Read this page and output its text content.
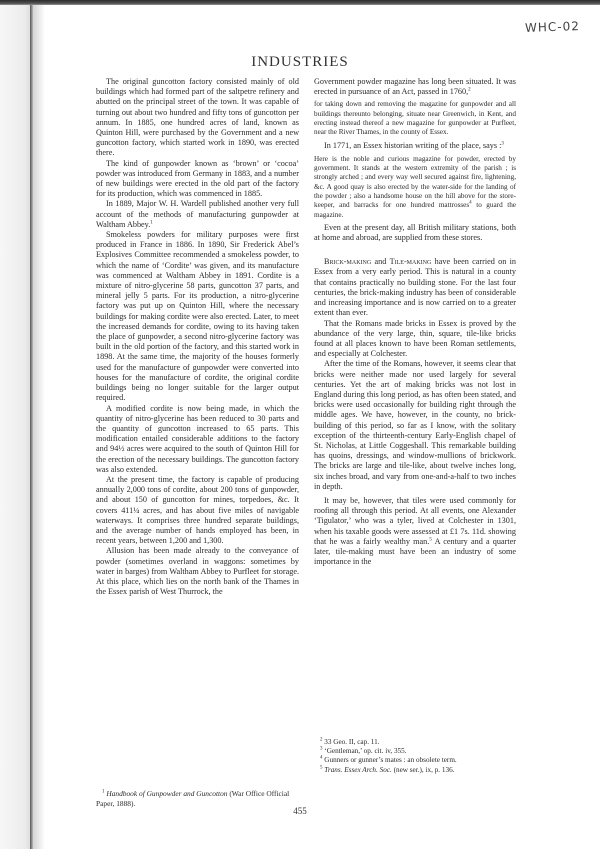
WHC-02
INDUSTRIES

The original guncotton factory consisted mainly of old buildings which had formed part of the saltpetre refinery and abutted on the principal street of the town. It was capable of turning out about two hundred and fifty tons of guncotton per annum. In 1885, one hundred acres of land, known as Quinton Hill, were purchased by the Government and a new guncotton factory, which started work in 1890, was erected there.

The kind of gunpowder known as ‘brown’ or ‘cocoa’ powder was introduced from Germany in 1883, and a number of new buildings were erected in the old part of the factory for its production, which was commenced in 1885.

In 1889, Major W. H. Wardell published another very full account of the methods of manufacturing gunpowder at Waltham Abbey.$^1$

Smokeless powders for military purposes were first produced in France in 1886. In 1890, Sir Frederick Abel’s Explosives Committee recommended a smokeless powder, to which the name of ‘Cordite’ was given, and its manufacture was commenced at Waltham Abbey in 1891. Cordite is a mixture of nitro-glycerine 58 parts, guncotton 37 parts, and mineral jelly 5 parts. For its production, a nitro-glycerine factory was put up on Quinton Hill, where the necessary buildings for making cordite were also erected. Later, to meet the increased demands for cordite, owing to its having taken the place of gunpowder, a second nitro-glycerine factory was built in the old portion of the factory, and this started work in 1898. At the same time, the majority of the houses formerly used for the manufacture of gunpowder were converted into houses for the manufacture of cordite, the original cordite buildings being no longer suitable for the larger output required.

A modified cordite is now being made, in which the quantity of nitro-glycerine has been reduced to 30 parts and the quantity of guncotton increased to 65 parts. This modification entailed considerable additions to the factory and 94½ acres were acquired to the south of Quinton Hill for the erection of the necessary buildings. The guncotton factory was also extended.

At the present time, the factory is capable of producing annually 2,000 tons of cordite, about 200 tons of gunpowder, and about 150 of guncotton for mines, torpedoes, &c. It covers 411¼ acres, and has about five miles of navigable waterways. It comprises three hundred separate buildings, and the average number of hands employed has been, in recent years, between 1,200 and 1,300.

Allusion has been made already to the conveyance of powder (sometimes overland in waggons: sometimes by water in barges) from Waltham Abbey to Purfleet for storage. At this place, which lies on the north bank of the Thames in the Essex parish of West Thurrock, the

Government powder magazine has long been situated. It was erected in pursuance of an Act, passed in 1760,$^2$

for taking down and removing the magazine for gunpowder and all buildings thereunto belonging, situate near Greenwich, in Kent, and erecting instead thereof a new magazine for gunpowder at Purfleet, near the River Thames, in the county of Essex.

In 1771, an Essex historian writing of the place, says :$^3$

Here is the noble and curious magazine for powder, erected by government. It stands at the western extremity of the parish ; is strongly arched ; and every way well secured against fire, lightening, &c. A good quay is also erected by the water-side for the landing of the powder ; also a handsome house on the hill above for the store-keeper, and barracks for one hundred mattrosses$^4$ to guard the magazine.

Even at the present day, all British military stations, both at home and abroad, are supplied from these stores.

Brick-making and Tile-making have been carried on in Essex from a very early period. This is natural in a county that contains practically no building stone. For the last four centuries, the brick-making industry has been of considerable and increasing importance and is now carried on to a greater extent than ever.

That the Romans made bricks in Essex is proved by the abundance of the very large, thin, square, tile-like bricks found at all places known to have been Roman settlements, and especially at Colchester.

After the time of the Romans, however, it seems clear that bricks were neither made nor used largely for several centuries. Yet the art of making bricks was not lost in England during this long period, as has often been stated, and bricks were used occasionally for building right through the middle ages. We have, however, in the county, no brick-building of this period, so far as I know, with the solitary exception of the thirteenth-century Early-English chapel of St. Nicholas, at Little Coggeshall. This remarkable building has quoins, dressings, and window-mullions of brickwork. The bricks are large and tile-like, about twelve inches long, six inches broad, and vary from one-and-a-half to two inches in depth.

It may be, however, that tiles were used commonly for roofing all through this period. At all events, one Alexander ‘Tigulator,’ who was a tyler, lived at Colchester in 1301, when his taxable goods were assessed at £1 7s. 11d. showing that he was a fairly wealthy man.$^5$ A century and a quarter later, tile-making must have been an industry of some importance in the

$^1$ Handbook of Gunpowder and Guncotton (War Office Official Paper, 1888).

$^2$ 33 Geo. II, cap. 11.

$^3$ ‘Gentleman,’ op. cit. iv, 355.

$^4$ Gunners or gunner’s mates : an obsolete term.

$^5$ Trans. Essex Arch. Soc. (new ser.), ix, p. 136.

455
